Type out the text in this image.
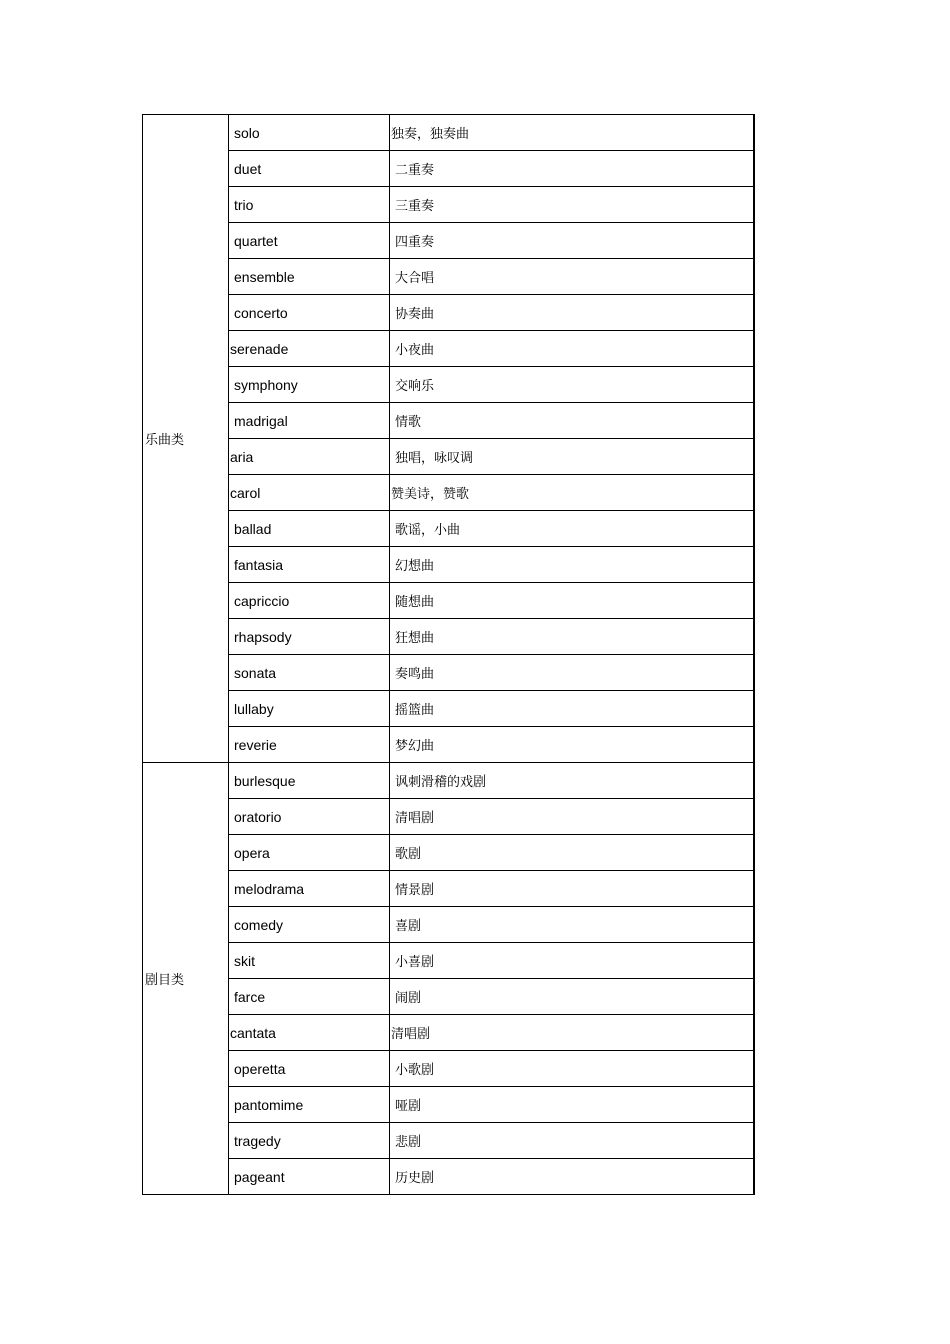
乐曲类	solo	独奏，独奏曲
	duet	二重奏
	trio	三重奏
	quartet	四重奏
	ensemble	大合唱
	concerto	协奏曲
	serenade	小夜曲
	symphony	交响乐
	madrigal	情歌
	aria	独唱，咏叹调
	carol	赞美诗，赞歌
	ballad	歌谣，小曲
	fantasia	幻想曲
	capriccio	随想曲
	rhapsody	狂想曲
	sonata	奏鸣曲
	lullaby	摇篮曲
	reverie	梦幻曲
剧目类	burlesque	讽刺滑稽的戏剧
	oratorio	清唱剧
	opera	歌剧
	melodrama	情景剧
	comedy	喜剧
	skit	小喜剧
	farce	闹剧
	cantata	清唱剧
	operetta	小歌剧
	pantomime	哑剧
	tragedy	悲剧
	pageant	历史剧
